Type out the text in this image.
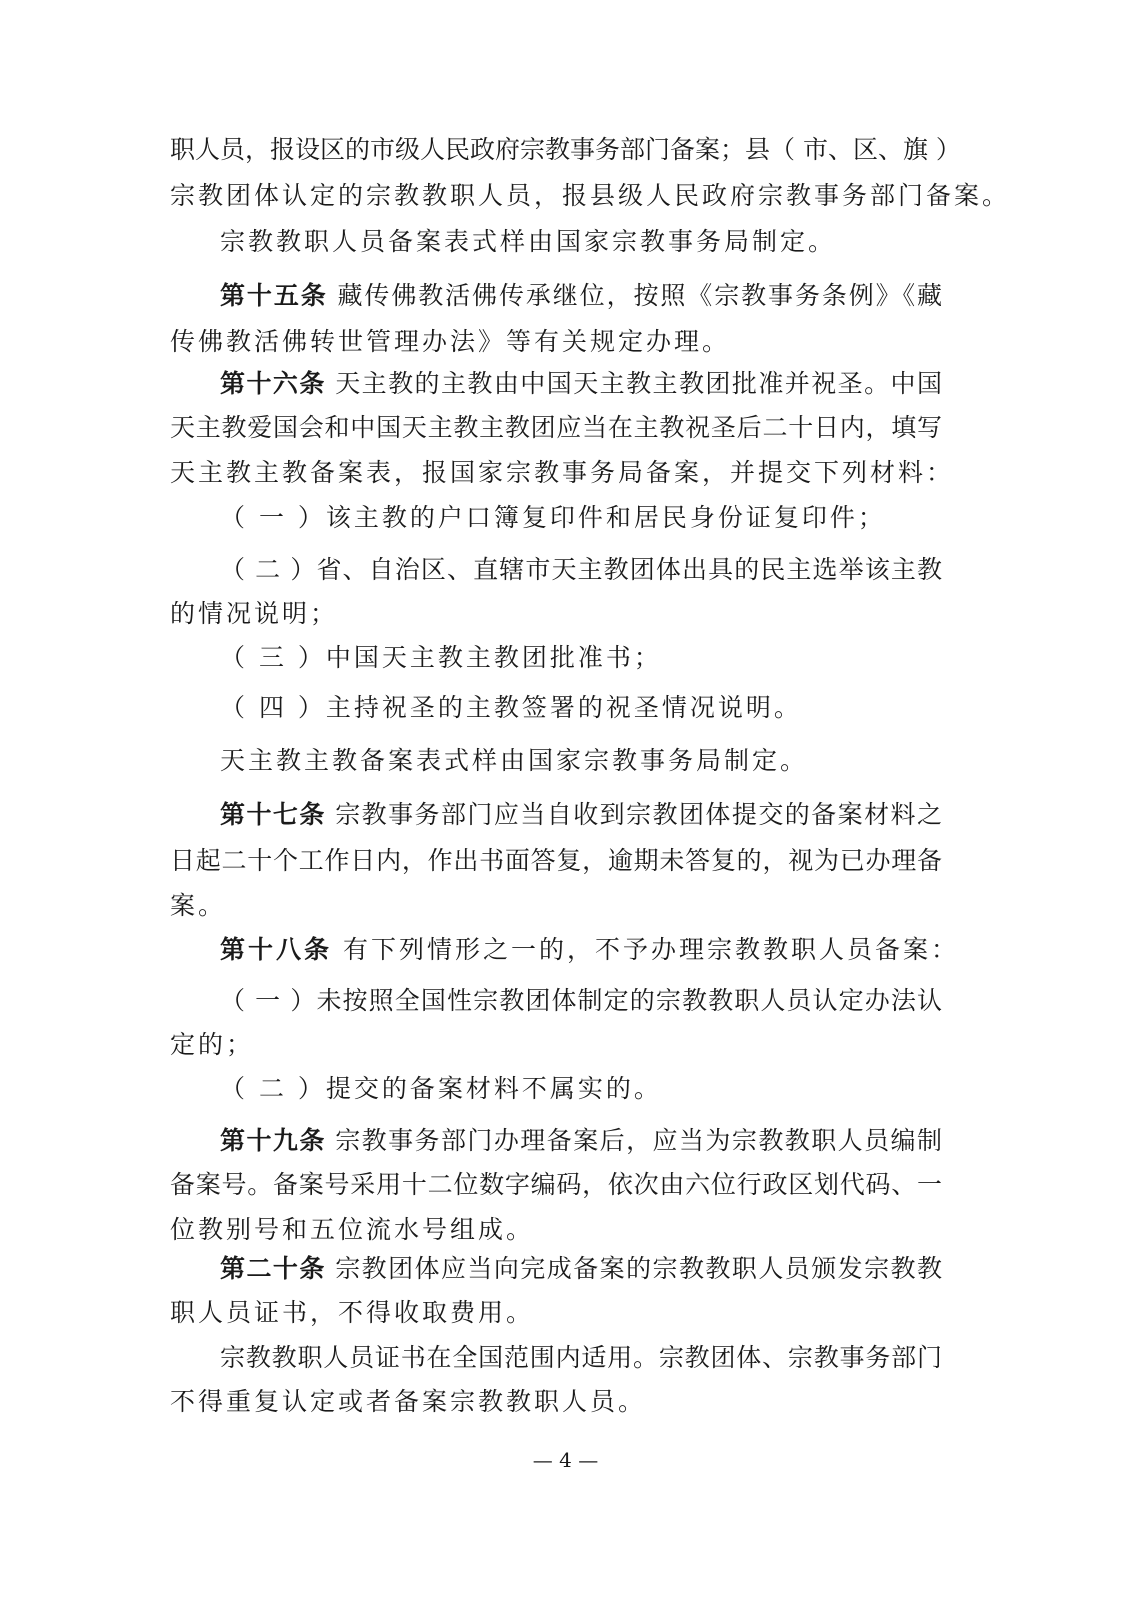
职人员，报设区的市级人民政府宗教事务部门备案；县（ 市、区、旗 ）
宗教团体认定的宗教教职人员，报县级人民政府宗教事务部门备案。
宗教教职人员备案表式样由国家宗教事务局制定。
第十五条 藏传佛教活佛传承继位，按照《宗教事务条例》《藏
传佛教活佛转世管理办法》等有关规定办理。
第十六条 天主教的主教由中国天主教主教团批准并祝圣。中国
天主教爱国会和中国天主教主教团应当在主教祝圣后二十日内，填写
天主教主教备案表，报国家宗教事务局备案，并提交下列材料：
（ 一 ）该主教的户口簿复印件和居民身份证复印件；
（ 二 ）省、自治区、直辖市天主教团体出具的民主选举该主教
的情况说明；
（ 三 ）中国天主教主教团批准书；
（ 四 ）主持祝圣的主教签署的祝圣情况说明。
天主教主教备案表式样由国家宗教事务局制定。
第十七条 宗教事务部门应当自收到宗教团体提交的备案材料之
日起二十个工作日内，作出书面答复，逾期未答复的，视为已办理备
案。
第十八条 有下列情形之一的，不予办理宗教教职人员备案：
（ 一 ）未按照全国性宗教团体制定的宗教教职人员认定办法认
定的；
（ 二 ）提交的备案材料不属实的。
第十九条 宗教事务部门办理备案后，应当为宗教教职人员编制
备案号。备案号采用十二位数字编码，依次由六位行政区划代码、一
位教别号和五位流水号组成。
第二十条 宗教团体应当向完成备案的宗教教职人员颁发宗教教
职人员证书，不得收取费用。
宗教教职人员证书在全国范围内适用。宗教团体、宗教事务部门
不得重复认定或者备案宗教教职人员。
— 4 —
